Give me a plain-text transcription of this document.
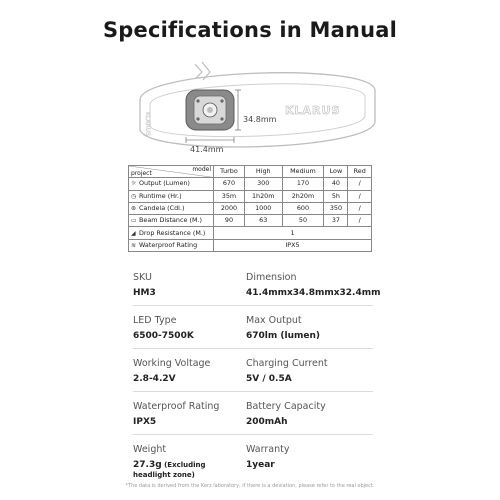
Specifications in Manual
KLARUS
KLARUS	34.8mm
41.4mm
model
project	Turbo	High	Medium	Low	Red
☼ Output (Lumen)	670	300	170	40	/
◷ Runtime (Hr.)	35m	1h20m	2h20m	5h	/
⊛ Candela (Cdl.)	2000	1000	600	350	/
▭ Beam Distance (M.)	90	63	50	37	/
◢ Drop Resistance (M.)	1				
≋ Waterproof Rating	IPX5				
SKU
HM3
Dimension
41.4mmx34.8mmx32.4mm
LED Type
6500-7500K
Max Output
670lm (lumen)
Working Voltage
2.8-4.2V
Charging Current
5V / 0.5A
Waterproof Rating
IPX5
Battery Capacity
200mAh
Weight
27.3g (Excluding
headlight zone)
Warranty
1year
*The data is derived from the Kerz laboratory, if there is a deviation, please refer to the real object.
